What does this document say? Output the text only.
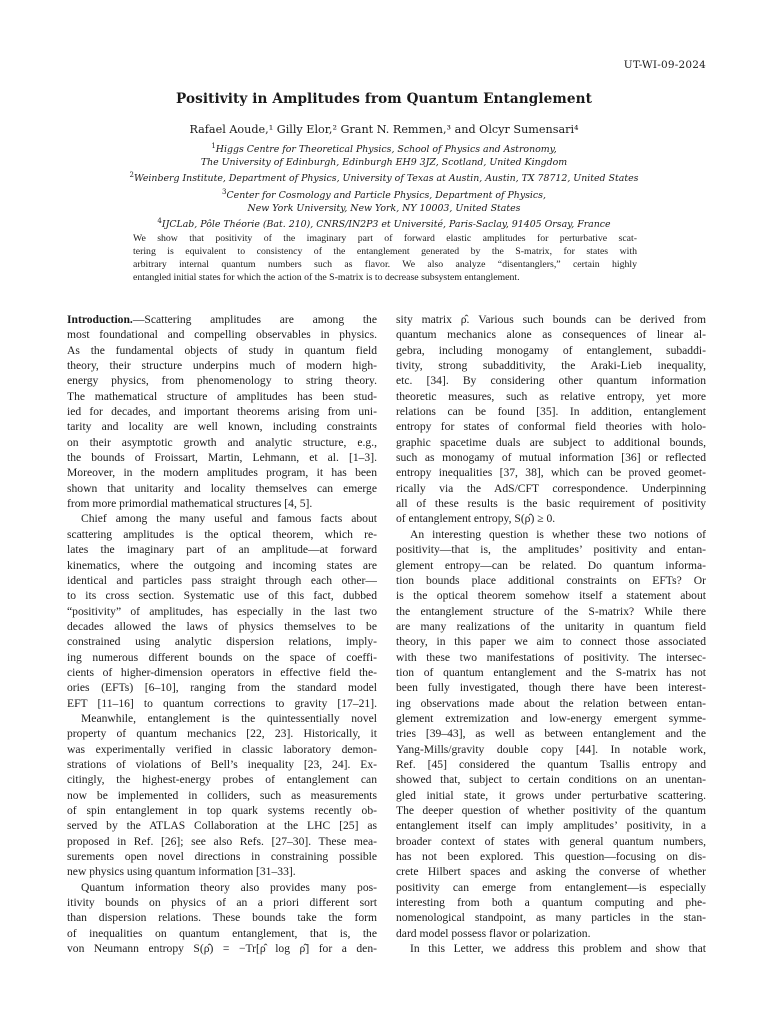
UT-WI-09-2024
Positivity in Amplitudes from Quantum Entanglement
Rafael Aoude,¹ Gilly Elor,² Grant N. Remmen,³ and Olcyr Sumensari⁴
$^1$Higgs Centre for Theoretical Physics, School of Physics and Astronomy,
The University of Edinburgh, Edinburgh EH9 3JZ, Scotland, United Kingdom
$^2$Weinberg Institute, Department of Physics, University of Texas at Austin, Austin, TX 78712, United States
$^3$Center for Cosmology and Particle Physics, Department of Physics,
New York University, New York, NY 10003, United States
$^4$IJCLab, Pôle Théorie (Bat. 210), CNRS/IN2P3 et Université, Paris-Saclay, 91405 Orsay, France
We show that positivity of the imaginary part of forward elastic amplitudes for perturbative scat-
tering is equivalent to consistency of the entanglement generated by the S-matrix, for states with
arbitrary internal quantum numbers such as flavor. We also analyze “disentanglers,” certain highly
entangled initial states for which the action of the S-matrix is to decrease subsystem entanglement.
Introduction.—Scattering amplitudes are among the
most foundational and compelling observables in physics.
As the fundamental objects of study in quantum field
theory, their structure underpins much of modern high-
energy physics, from phenomenology to string theory.
The mathematical structure of amplitudes has been stud-
ied for decades, and important theorems arising from uni-
tarity and locality are well known, including constraints
on their asymptotic growth and analytic structure, e.g.,
the bounds of Froissart, Martin, Lehmann, et al. [1–3].
Moreover, in the modern amplitudes program, it has been
shown that unitarity and locality themselves can emerge
from more primordial mathematical structures [4, 5].
Chief among the many useful and famous facts about
scattering amplitudes is the optical theorem, which re-
lates the imaginary part of an amplitude—at forward
kinematics, where the outgoing and incoming states are
identical and particles pass straight through each other—
to its cross section. Systematic use of this fact, dubbed
“positivity” of amplitudes, has especially in the last two
decades allowed the laws of physics themselves to be
constrained using analytic dispersion relations, imply-
ing numerous different bounds on the space of coeffi-
cients of higher-dimension operators in effective field the-
ories (EFTs) [6–10], ranging from the standard model
EFT [11–16] to quantum corrections to gravity [17–21].
Meanwhile, entanglement is the quintessentially novel
property of quantum mechanics [22, 23]. Historically, it
was experimentally verified in classic laboratory demon-
strations of violations of Bell’s inequality [23, 24]. Ex-
citingly, the highest-energy probes of entanglement can
now be implemented in colliders, such as measurements
of spin entanglement in top quark systems recently ob-
served by the ATLAS Collaboration at the LHC [25] as
proposed in Ref. [26]; see also Refs. [27–30]. These mea-
surements open novel directions in constraining possible
new physics using quantum information [31–33].
Quantum information theory also provides many pos-
itivity bounds on physics of an a priori different sort
than dispersion relations. These bounds take the form
of inequalities on quantum entanglement, that is, the
von Neumann entropy S(ρ̂) = −Tr[ρ̂ log ρ̂] for a den-
sity matrix ρ̂. Various such bounds can be derived from
quantum mechanics alone as consequences of linear al-
gebra, including monogamy of entanglement, subaddi-
tivity, strong subadditivity, the Araki-Lieb inequality,
etc. [34]. By considering other quantum information
theoretic measures, such as relative entropy, yet more
relations can be found [35]. In addition, entanglement
entropy for states of conformal field theories with holo-
graphic spacetime duals are subject to additional bounds,
such as monogamy of mutual information [36] or reflected
entropy inequalities [37, 38], which can be proved geomet-
rically via the AdS/CFT correspondence. Underpinning
all of these results is the basic requirement of positivity
of entanglement entropy, S(ρ̂) ≥ 0.
An interesting question is whether these two notions of
positivity—that is, the amplitudes’ positivity and entan-
glement entropy—can be related. Do quantum informa-
tion bounds place additional constraints on EFTs? Or
is the optical theorem somehow itself a statement about
the entanglement structure of the S-matrix? While there
are many realizations of the unitarity in quantum field
theory, in this paper we aim to connect those associated
with these two manifestations of positivity. The intersec-
tion of quantum entanglement and the S-matrix has not
been fully investigated, though there have been interest-
ing observations made about the relation between entan-
glement extremization and low-energy emergent symme-
tries [39–43], as well as between entanglement and the
Yang-Mills/gravity double copy [44]. In notable work,
Ref. [45] considered the quantum Tsallis entropy and
showed that, subject to certain conditions on an unentan-
gled initial state, it grows under perturbative scattering.
The deeper question of whether positivity of the quantum
entanglement itself can imply amplitudes’ positivity, in a
broader context of states with general quantum numbers,
has not been explored. This question—focusing on dis-
crete Hilbert spaces and asking the converse of whether
positivity can emerge from entanglement—is especially
interesting from both a quantum computing and phe-
nomenological standpoint, as many particles in the stan-
dard model possess flavor or polarization.
In this Letter, we address this problem and show that
